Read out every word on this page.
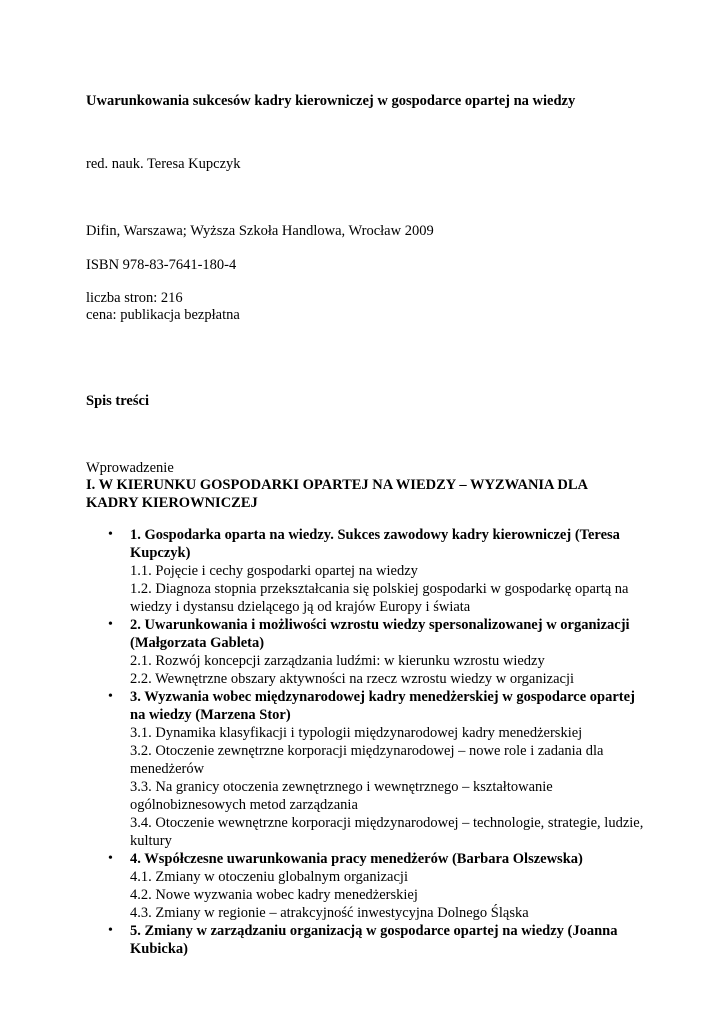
Uwarunkowania sukcesów kadry kierowniczej w gospodarce opartej na wiedzy
red. nauk. Teresa Kupczyk
Difin, Warszawa; Wyższa Szkoła Handlowa, Wrocław 2009
ISBN 978-83-7641-180-4
liczba stron: 216
cena: publikacja bezpłatna
Spis treści
Wprowadzenie
I. W KIERUNKU GOSPODARKI OPARTEJ NA WIEDZY – WYZWANIA DLA KADRY KIEROWNICZEJ
• 1. Gospodarka oparta na wiedzy. Sukces zawodowy kadry kierowniczej (Teresa Kupczyk)
1.1. Pojęcie i cechy gospodarki opartej na wiedzy
1.2. Diagnoza stopnia przekształcania się polskiej gospodarki w gospodarkę opartą na wiedzy i dystansu dzielącego ją od krajów Europy i świata
• 2. Uwarunkowania i możliwości wzrostu wiedzy spersonalizowanej w organizacji (Małgorzata Gableta)
2.1. Rozwój koncepcji zarządzania ludźmi: w kierunku wzrostu wiedzy
2.2. Wewnętrzne obszary aktywności na rzecz wzrostu wiedzy w organizacji
• 3. Wyzwania wobec międzynarodowej kadry menedżerskiej w gospodarce opartej na wiedzy (Marzena Stor)
3.1. Dynamika klasyfikacji i typologii międzynarodowej kadry menedżerskiej
3.2. Otoczenie zewnętrzne korporacji międzynarodowej – nowe role i zadania dla menedżerów
3.3. Na granicy otoczenia zewnętrznego i wewnętrznego – kształtowanie ogólnobiznesowych metod zarządzania
3.4. Otoczenie wewnętrzne korporacji międzynarodowej – technologie, strategie, ludzie, kultury
• 4. Współczesne uwarunkowania pracy menedżerów (Barbara Olszewska)
4.1. Zmiany w otoczeniu globalnym organizacji
4.2. Nowe wyzwania wobec kadry menedżerskiej
4.3. Zmiany w regionie – atrakcyjność inwestycyjna Dolnego Śląska
• 5. Zmiany w zarządzaniu organizacją w gospodarce opartej na wiedzy (Joanna Kubicka)
